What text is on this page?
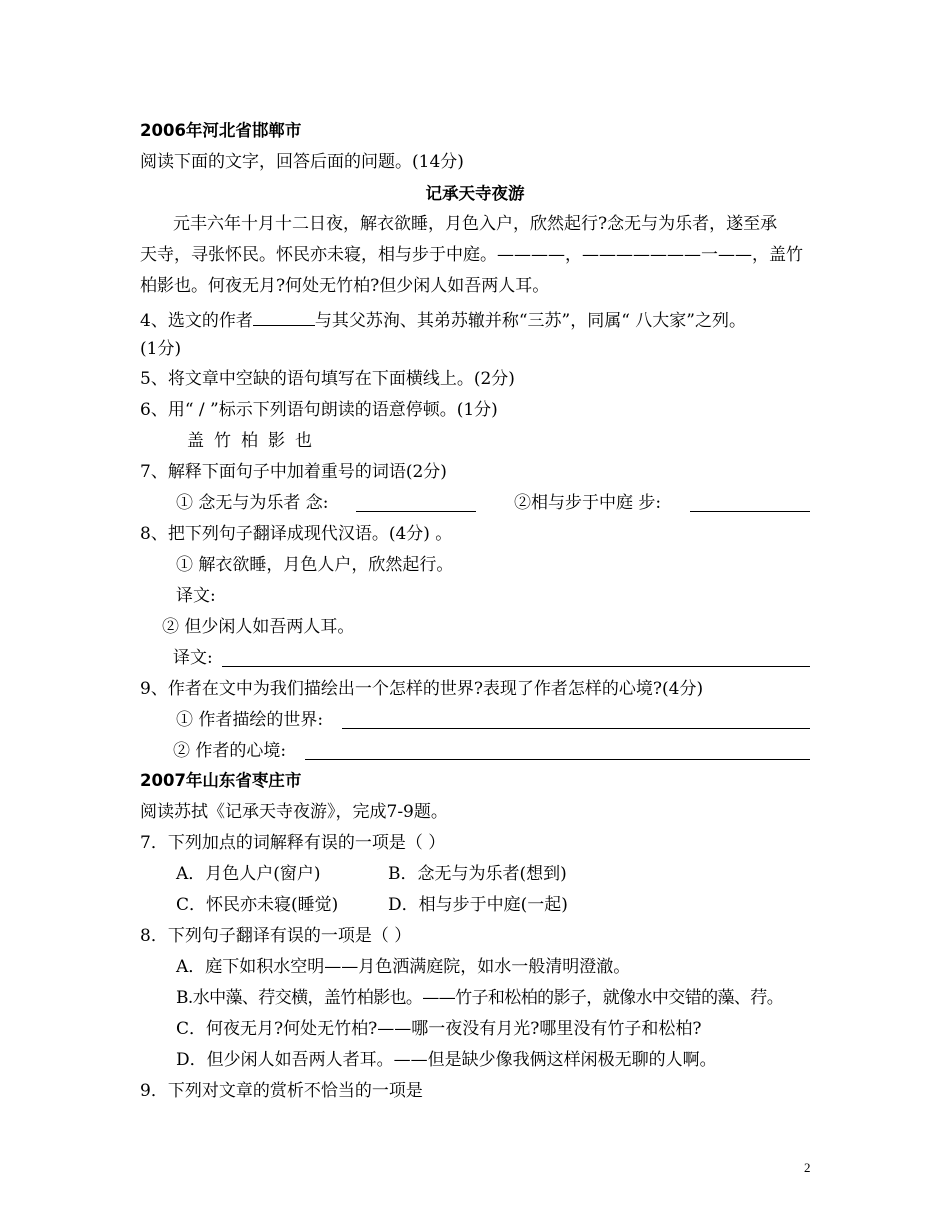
2006年河北省邯郸市
阅读下面的文字，回答后面的问题。(14分)
记承天寺夜游
元丰六年十月十二日夜，解衣欲睡，月色入户，欣然起行?念无与为乐者，遂至承
天寺，寻张怀民。怀民亦未寝，相与步于中庭。————，———————一——，盖竹
柏影也。何夜无月?何处无竹柏?但少闲人如吾两人耳。
4、选文的作者	与其父苏洵、其弟苏辙并称“三苏”，同属“ 八大家”之列。
(1分)
5、将文章中空缺的语句填写在下面横线上。(2分)
6、用“ / ”标示下列语句朗读的语意停顿。(1分)
盖竹柏影也
7、解释下面句子中加着重号的词语(2分)
① 念无与为乐者 念:	②相与步于中庭 步:
8、把下列句子翻译成现代汉语。(4分) 。
① 解衣欲睡，月色人户，欣然起行。
译文:
② 但少闲人如吾两人耳。
译文:
9、作者在文中为我们描绘出一个怎样的世界?表现了作者怎样的心境?(4分)
① 作者描绘的世界:
② 作者的心境:
2007年山东省枣庄市
阅读苏拭《记承天寺夜游》，完成7-9题。
7．下列加点的词解释有误的一项是（ ）
A．月色人户(窗户)	B．念无与为乐者(想到)
C．怀民亦未寝(睡觉)	D．相与步于中庭(一起)
8．下列句子翻译有误的一项是（ ）
A．庭下如积水空明——月色洒满庭院，如水一般清明澄澈。
B.水中藻、荇交横，盖竹柏影也。——竹子和松柏的影子，就像水中交错的藻、荇。
C．何夜无月?何处无竹柏?——哪一夜没有月光?哪里没有竹子和松柏?
D．但少闲人如吾两人者耳。——但是缺少像我俩这样闲极无聊的人啊。
9．下列对文章的赏析不恰当的一项是
2
